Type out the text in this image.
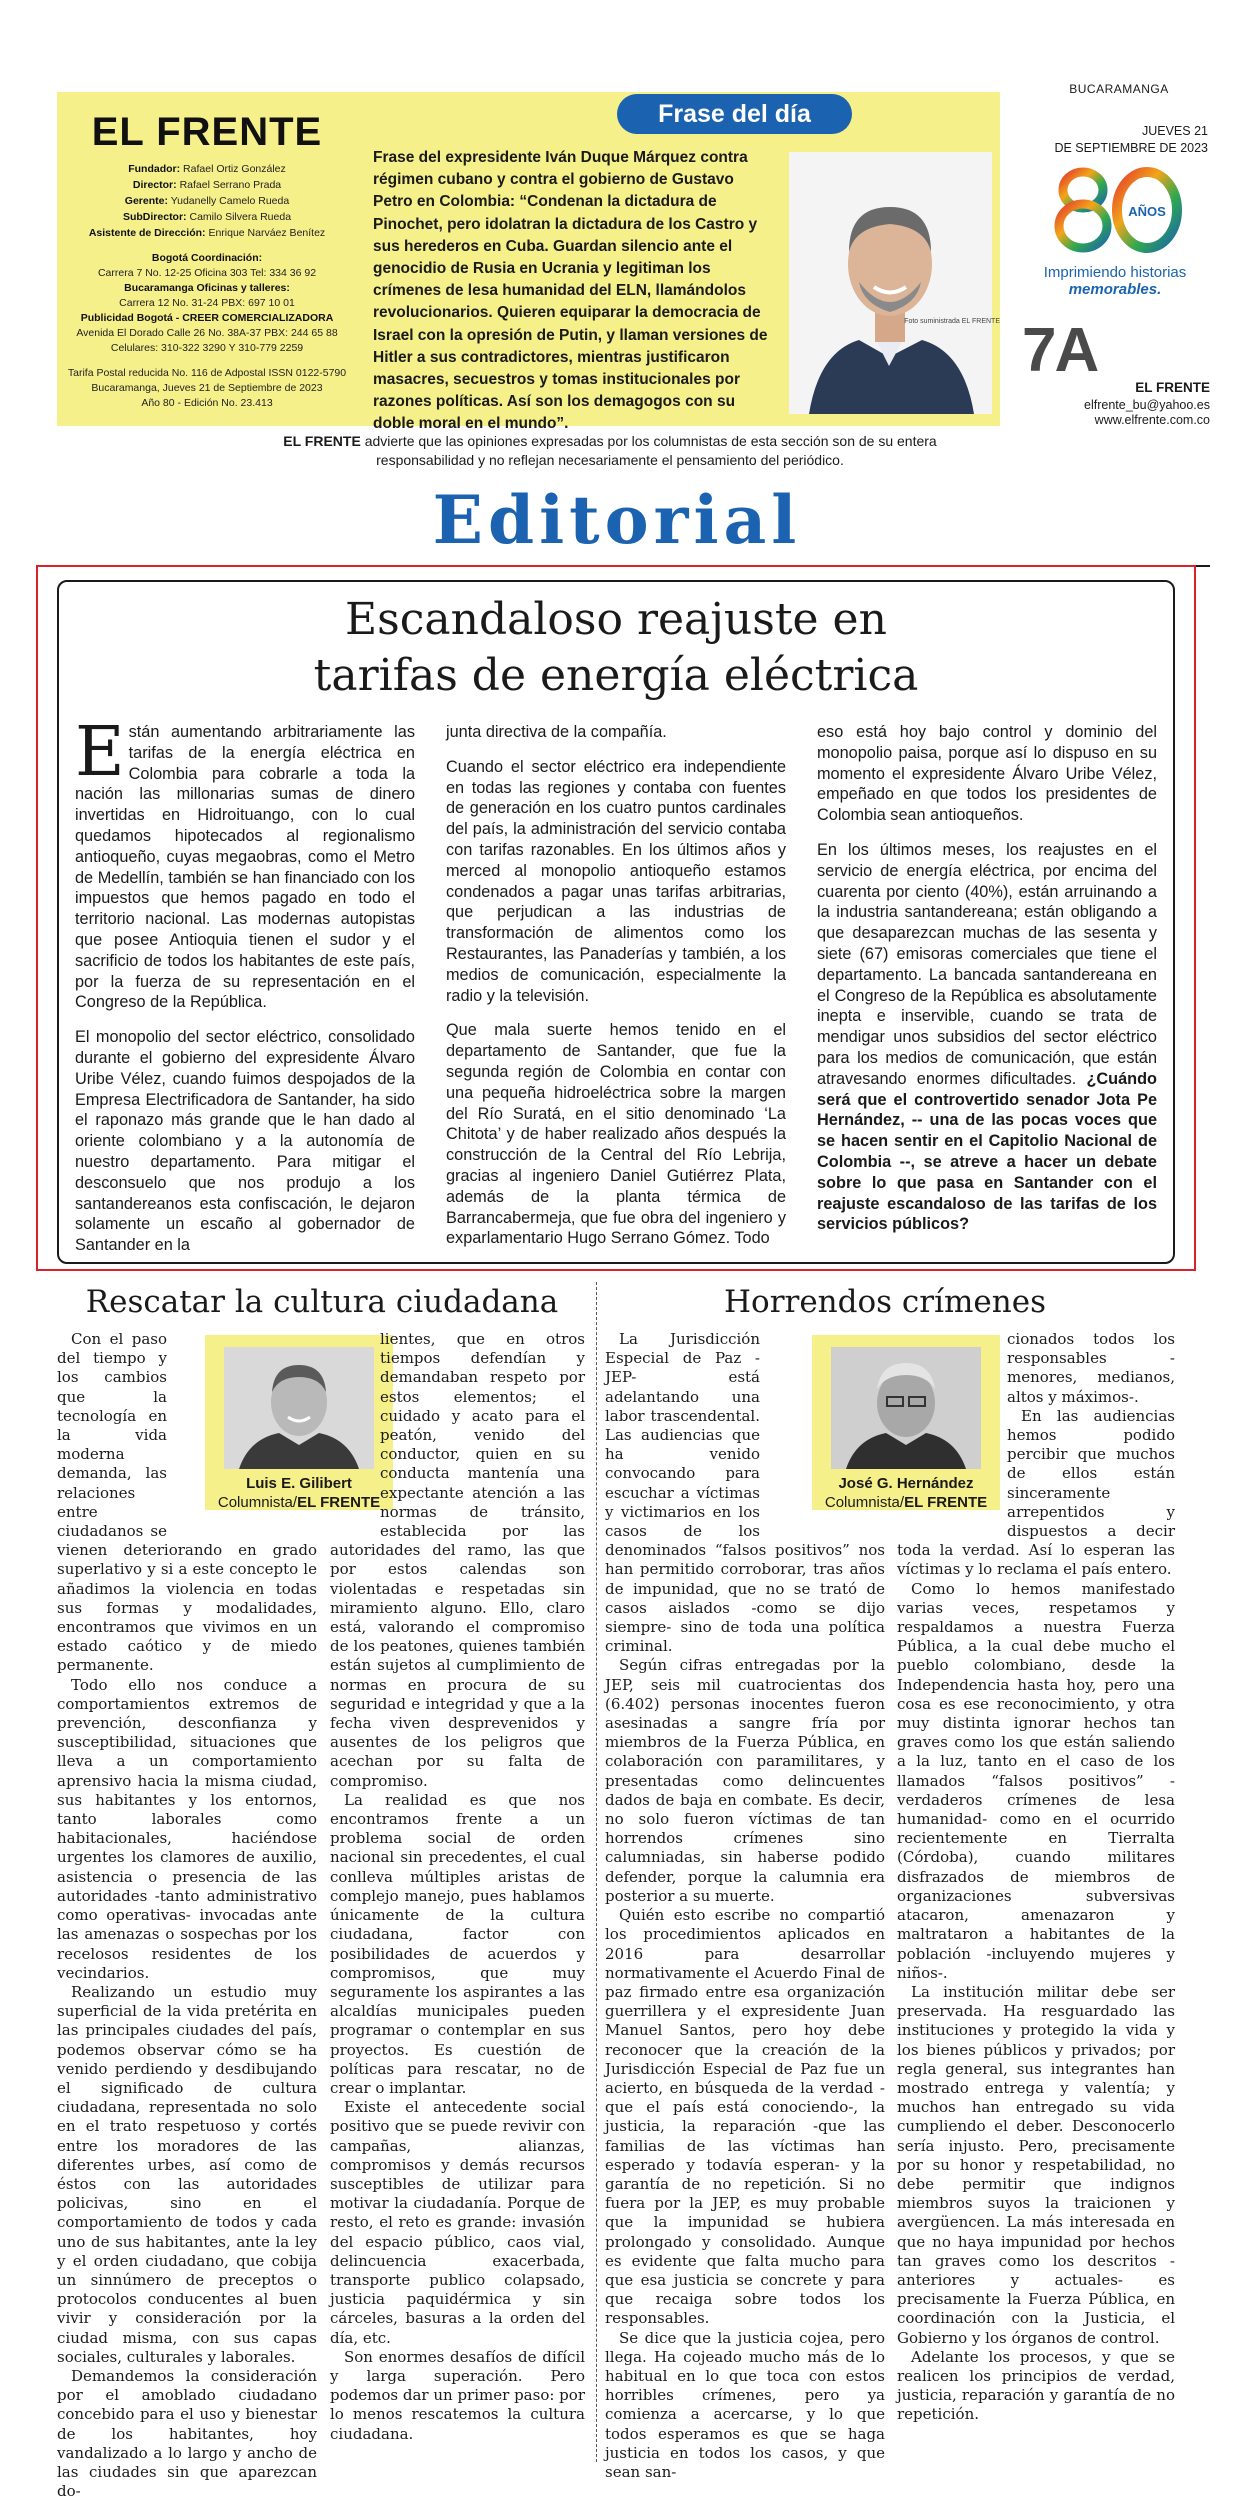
EL FRENTE
Fundador: Rafael Ortiz González
Director: Rafael Serrano Prada
Gerente: Yudanelly Camelo Rueda
SubDirector: Camilo Silvera Rueda
Asistente de Dirección: Enrique Narváez Benítez
Bogotá Coordinación:
Carrera 7 No. 12-25 Oficina 303 Tel: 334 36 92
Bucaramanga Oficinas y talleres:
Carrera 12 No. 31-24 PBX: 697 10 01
Publicidad Bogotá - CREER COMERCIALIZADORA
Avenida El Dorado Calle 26 No. 38A-37 PBX: 244 65 88
Celulares: 310-322 3290 Y 310-779 2259
Tarifa Postal reducida No. 116 de Adpostal ISSN 0122-5790
Bucaramanga, Jueves 21 de Septiembre de 2023
Año 80 - Edición No. 23.413
Frase del día
Frase del expresidente Iván Duque Márquez contra régimen cubano y contra el gobierno de Gustavo Petro en Colombia: “Condenan la dictadura de Pinochet, pero idolatran la dictadura de los Castro y sus herederos en Cuba. Guardan silencio ante el genocidio de Rusia en Ucrania y legitiman los crímenes de lesa humanidad del ELN, llamándolos revolucionarios. Quieren equiparar la democracia de Israel con la opresión de Putin, y llaman versiones de Hitler a sus contradictores, mientras justificaron masacres, secuestros y tomas institucionales por razones políticas. Así son los demagogos con su doble moral en el mundo”.
Foto suministrada EL FRENTE
BUCARAMANGA
JUEVES 21
DE SEPTIEMBRE DE 2023
AÑOS
Imprimiendo historias
memorables.
7A
EL FRENTE
elfrente_bu@yahoo.es
www.elfrente.com.co
EL FRENTE advierte que las opiniones expresadas por los columnistas de esta sección son de su entera responsabilidad y no reflejan necesariamente el pensamiento del periódico.
Editorial
Escandaloso reajuste en
tarifas de energía eléctrica

Están aumentando arbitrariamente las tarifas de la energía eléctrica en Colombia para cobrarle a toda la nación las millonarias sumas de dinero invertidas en Hidroituango, con lo cual quedamos hipotecados al regionalismo antioqueño, cuyas megaobras, como el Metro de Medellín, también se han financiado con los impuestos que hemos pagado en todo el territorio nacional. Las modernas autopistas que posee Antioquia tienen el sudor y el sacrificio de todos los habitantes de este país, por la fuerza de su representación en el Congreso de la República.

El monopolio del sector eléctrico, consolidado durante el gobierno del expresidente Álvaro Uribe Vélez, cuando fuimos despojados de la Empresa Electrificadora de Santander, ha sido el raponazo más grande que le han dado al oriente colombiano y a la autonomía de nuestro departamento. Para mitigar el desconsuelo que nos produjo a los santandereanos esta confiscación, le dejaron solamente un escaño al gobernador de Santander en la

junta directiva de la compañía.

Cuando el sector eléctrico era independiente en todas las regiones y contaba con fuentes de generación en los cuatro puntos cardinales del país, la administración del servicio contaba con tarifas razonables. En los últimos años y merced al monopolio antioqueño estamos condenados a pagar unas tarifas arbitrarias, que perjudican a las industrias de transformación de alimentos como los Restaurantes, las Panaderías y también, a los medios de comunicación, especialmente la radio y la televisión.

Que mala suerte hemos tenido en el departamento de Santander, que fue la segunda región de Colombia en contar con una pequeña hidroeléctrica sobre la margen del Río Suratá, en el sitio denominado ‘La Chitota’ y de haber realizado años después la construcción de la Central del Río Lebrija, gracias al ingeniero Daniel Gutiérrez Plata, además de la planta térmica de Barrancabermeja, que fue obra del ingeniero y exparlamentario Hugo Serrano Gómez. Todo

eso está hoy bajo control y dominio del monopolio paisa, porque así lo dispuso en su momento el expresidente Álvaro Uribe Vélez, empeñado en que todos los presidentes de Colombia sean antioqueños.

En los últimos meses, los reajustes en el servicio de energía eléctrica, por encima del cuarenta por ciento (40%), están arruinando a la industria santandereana; están obligando a que desaparezcan muchas de las sesenta y siete (67) emisoras comerciales que tiene el departamento. La bancada santandereana en el Congreso de la República es absolutamente inepta e inservible, cuando se trata de mendigar unos subsidios del sector eléctrico para los medios de comunicación, que están atravesando enormes dificultades. ¿Cuándo será que el controvertido senador Jota Pe Hernández, -- una de las pocas voces que se hacen sentir en el Capitolio Nacional de Colombia --, se atreve a hacer un debate sobre lo que pasa en Santander con el reajuste escandaloso de las tarifas de los servicios públicos?

Rescatar la cultura ciudadana
Luis E. Gilibert
Columnista/EL FRENTE

Con el paso del tiempo y los cambios que la tecnología en la vida moderna demanda, las relaciones entre ciudadanos se vienen deteriorando en grado superlativo y si a este concepto le añadimos la violencia en todas sus formas y modalidades, encontramos que vivimos en un estado caótico y de miedo permanente.

Todo ello nos conduce a comportamientos extremos de prevención, desconfianza y susceptibilidad, situaciones que lleva a un comportamiento aprensivo hacia la misma ciudad, sus habitantes y los entornos, tanto laborales como habitacionales, haciéndose urgentes los clamores de auxilio, asistencia o presencia de las autoridades -tanto administrativo como operativas- invocadas ante las amenazas o sospechas por los recelosos residentes de los vecindarios.

Realizando un estudio muy superficial de la vida pretérita en las principales ciudades del país, podemos observar cómo se ha venido perdiendo y desdibujando el significado de cultura ciudadana, representada no solo en el trato respetuoso y cortés entre los moradores de las diferentes urbes, así como de éstos con las autoridades policivas, sino en el comportamiento de todos y cada uno de sus habitantes, ante la ley y el orden ciudadano, que cobija un sinnúmero de preceptos o protocolos conducentes al buen vivir y consideración por la ciudad misma, con sus capas sociales, culturales y laborales.

Demandemos la consideración por el amoblado ciudadano concebido para el uso y bienestar de los habitantes, hoy vandalizado a lo largo y ancho de las ciudades sin que aparezcan do-

lientes, que en otros tiempos defendían y demandaban respeto por estos elementos; el cuidado y acato para el peatón, venido del conductor, quien en su conducta mantenía una expectante atención a las normas de tránsito, establecida por las autoridades del ramo, las que por estos calendas son violentadas e respetadas sin miramiento alguno. Ello, claro está, valorando el compromiso de los peatones, quienes también están sujetos al cumplimiento de normas en procura de su seguridad e integridad y que a la fecha viven desprevenidos y ausentes de los peligros que acechan por su falta de compromiso.

La realidad es que nos encontramos frente a un problema social de orden nacional sin precedentes, el cual conlleva múltiples aristas de complejo manejo, pues hablamos únicamente de la cultura ciudadana, factor con posibilidades de acuerdos y compromisos, que muy seguramente los aspirantes a las alcaldías municipales pueden programar o contemplar en sus proyectos. Es cuestión de políticas para rescatar, no de crear o implantar.

Existe el antecedente social positivo que se puede revivir con campañas, alianzas, compromisos y demás recursos susceptibles de utilizar para motivar la ciudadanía. Porque de resto, el reto es grande: invasión del espacio público, caos vial, delincuencia exacerbada, transporte publico colapsado, justicia paquidérmica y sin cárceles, basuras a la orden del día, etc.

Son enormes desafíos de difícil y larga superación. Pero podemos dar un primer paso: por lo menos rescatemos la cultura ciudadana.

Horrendos crímenes
José G. Hernández
Columnista/EL FRENTE

La Jurisdicción Especial de Paz -JEP- está adelantando una labor trascendental. Las audiencias que ha venido convocando para escuchar a víctimas y victimarios en los casos de los denominados “falsos positivos” nos han permitido corroborar, tras años de impunidad, que no se trató de casos aislados -como se dijo siempre- sino de toda una política criminal.

Según cifras entregadas por la JEP, seis mil cuatrocientas dos (6.402) personas inocentes fueron asesinadas a sangre fría por miembros de la Fuerza Pública, en colaboración con paramilitares, y presentadas como delincuentes dados de baja en combate. Es decir, no solo fueron víctimas de tan horrendos crímenes sino calumniadas, sin haberse podido defender, porque la calumnia era posterior a su muerte.

Quién esto escribe no compartió los procedimientos aplicados en 2016 para desarrollar normativamente el Acuerdo Final de paz firmado entre esa organización guerrillera y el expresidente Juan Manuel Santos, pero hoy debe reconocer que la creación de la Jurisdicción Especial de Paz fue un acierto, en búsqueda de la verdad -que el país está conociendo-, la justicia, la reparación -que las familias de las víctimas han esperado y todavía esperan- y la garantía de no repetición. Si no fuera por la JEP, es muy probable que la impunidad se hubiera prolongado y consolidado. Aunque es evidente que falta mucho para que esa justicia se concrete y para que recaiga sobre todos los responsables.

Se dice que la justicia cojea, pero llega. Ha cojeado mucho más de lo habitual en lo que toca con estos horribles crímenes, pero ya comienza a acercarse, y lo que todos esperamos es que se haga justicia en todos los casos, y que sean san-

cionados todos los responsables -menores, medianos, altos y máximos-.

En las audiencias hemos podido percibir que muchos de ellos están sinceramente arrepentidos y dispuestos a decir toda la verdad. Así lo esperan las víctimas y lo reclama el país entero.

Como lo hemos manifestado varias veces, respetamos y respaldamos a nuestra Fuerza Pública, a la cual debe mucho el pueblo colombiano, desde la Independencia hasta hoy, pero una cosa es ese reconocimiento, y otra muy distinta ignorar hechos tan graves como los que están saliendo a la luz, tanto en el caso de los llamados “falsos positivos” -verdaderos crímenes de lesa humanidad- como en el ocurrido recientemente en Tierralta (Córdoba), cuando militares disfrazados de miembros de organizaciones subversivas atacaron, amenazaron y maltrataron a habitantes de la población -incluyendo mujeres y niños-.

La institución militar debe ser preservada. Ha resguardado las instituciones y protegido la vida y los bienes públicos y privados; por regla general, sus integrantes han mostrado entrega y valentía; y muchos han entregado su vida cumpliendo el deber. Desconocerlo sería injusto. Pero, precisamente por su honor y respetabilidad, no debe permitir que indignos miembros suyos la traicionen y avergüencen. La más interesada en que no haya impunidad por hechos tan graves como los descritos -anteriores y actuales- es precisamente la Fuerza Pública, en coordinación con la Justicia, el Gobierno y los órganos de control.

Adelante los procesos, y que se realicen los principios de verdad, justicia, reparación y garantía de no repetición.
